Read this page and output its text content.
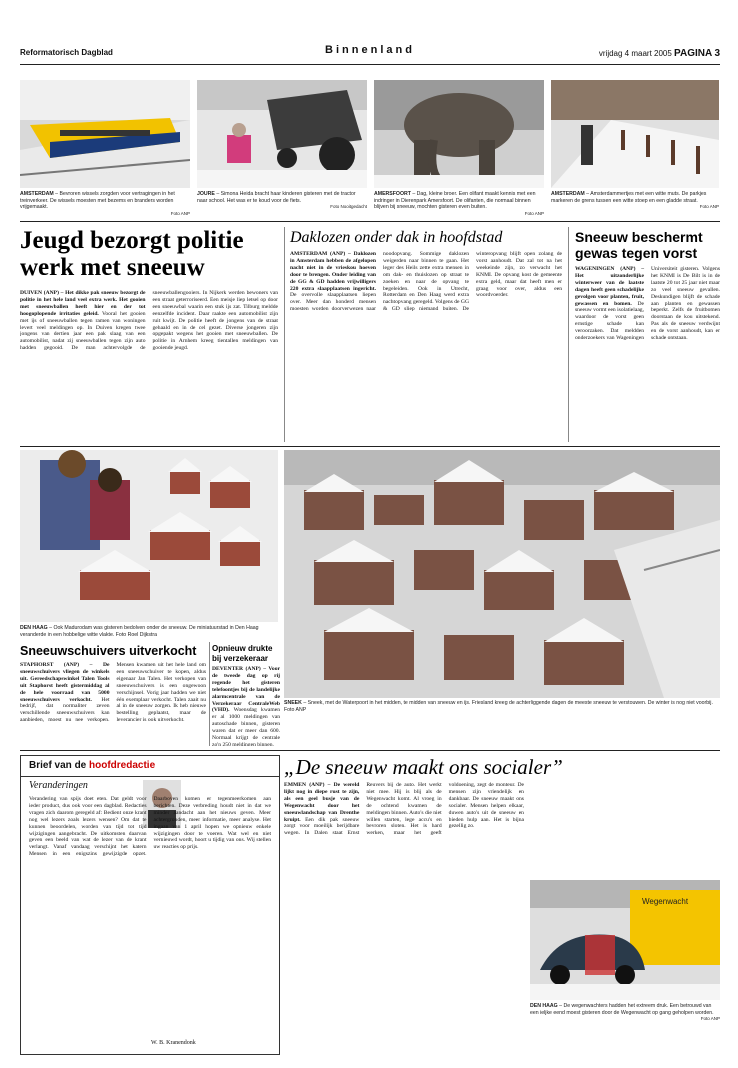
Reformatorisch Dagblad	Binnenland	vrijdag 4 maart 2005 PAGINA 3
AMSTERDAM – Bevroren wissels zorgden voor vertragingen in het treinverkeer. De wissels moesten met bezems en branders worden vrijgemaakt.
Foto ANP
JOURE – Simona Heida bracht haar kinderen gisteren met de tractor naar school. Het was er te koud voor de fiets.
Foto Nooitgedacht
AMERSFOORT – Dag, kleine broer. Een olifant maakt kennis met een indringer in Dierenpark Amersfoort. De olifanten, die normaal binnen blijven bij sneeuw, mochten gisteren even buiten.
Foto ANP
AMSTERDAM – Amsterdammertjes met een witte muts. De parkjes markeren de grens tussen een witte stoep en een gladde straat.
Foto ANP
Jeugd bezorgt politie werk met sneeuw
DUIVEN (ANP) – Het dikke pak sneeuw bezorgt de politie in het hele land veel extra werk. Het gooien met sneeuwballen heeft hier en der tot hoogoplopende irritaties geleid. Vooral het gooien met ijs of sneeuwballen tegen ramen van woningen levert veel meldingen op. In Duiven kregen twee jongens van dertien jaar een pak slaag van een automobilist, nadat zij sneeuwballen tegen zijn auto hadden gegooid. De man achtervolgde de sneeuwballengooiers. In Nijkerk werden bewoners van een straat geterroriseerd. Een meisje liep letsel op door een sneeuwbal waarin een stuk ijs zat. Tilburg meldde eenzelfde incident. Daar raakte een automobilist zijn ruit kwijt. De politie heeft de jongens van de straat gehaald en in de cel gezet. Diverse jongeren zijn opgepakt wegens het gooien met sneeuwballen. De politie in Arnhem kreeg tientallen meldingen van gooiende jeugd.
Daklozen onder dak in hoofdstad
AMSTERDAM (ANP) – Daklozen in Amsterdam hebben de afgelopen nacht niet in de vrieskou hoeven door te brengen. Onder leiding van de GG & GD hadden vrijwilligers 220 extra slaapplaatsen ingericht. De overvolle slaapplaatsen liepen over. Meer dan honderd mensen moesten worden doorverwezen naar noodopvang. Sommige daklozen weigerden naar binnen te gaan. Het leger des Heils zette extra mensen in om dak- en thuislozen op straat te zoeken en naar de opvang te begeleiden. Ook in Utrecht, Rotterdam en Den Haag werd extra nachtopvang geregeld. Volgens de GG & GD sliep niemand buiten. De winteropvang blijft open zolang de vorst aanhoudt. Dat zal tot na het weekeinde zijn, zo verwacht het KNMI. De opvang kost de gemeente extra geld, maar dat heeft men er graag voor over, aldus een woordvoerder.
Sneeuw beschermt gewas tegen vorst
WAGENINGEN (ANP) – Het uitzonderlijke winterweer van de laatste dagen heeft geen schadelijke gevolgen voor planten, fruit, gewassen en bomen. De sneeuw vormt een isolatielaag, waardoor de vorst geen ernstige schade kan veroorzaken. Dat meldden onderzoekers van Wageningen Universiteit gisteren. Volgens het KNMI is De Bilt is in de laatste 20 tot 25 jaar niet maar zo veel sneeuw gevallen. Deskundigen blijft de schade aan planten en gewassen beperkt. Zelfs de fruitbomen doorstaan de kou uitstekend. Pas als de sneeuw verdwijnt en de vorst aanhoudt, kan er schade ontstaan.
DEN HAAG – Ook Madurodam was gisteren bedolven onder de sneeuw. De miniatuurstad in Den Haag veranderde in een hobbelige witte vlakte. Foto Roel Dijkstra
SNEEK – Sneek, met de Waterpoort in het midden, te midden van sneeuw en ijs. Friesland kreeg de achterliggende dagen de meeste sneeuw te verstouwen. De winter is nog niet voorbij. Foto ANP
Sneeuwschuivers uitverkocht
STAPHORST (ANP) – De sneeuwschuivers vliegen de winkels uit. Gereedschapswinkel Talen Tools uit Staphorst heeft gistermiddag al de hele voorraad van 5000 sneeuwschuivers verkocht. Het bedrijf, dat normaliter zeven verschillende sneeuwschuivers kan aanbieden, moest nu nee verkopen. Mensen kwamen uit het hele land om een sneeuwschuiver te kopen, aldus eigenaar Jan Talen. Het verkopen van sneeuwschuivers is een ongewoon verschijnsel. Vorig jaar hadden we niet één exemplaar verkocht. Talen zaait nu al in de sneeuw zorgen. Ik heb nieuwe bestelling geplaatst, maar de leverancier is ook uitverkocht.
Opnieuw drukte bij verzekeraar
DEVENTER (ANP) – Voor de tweede dag op rij regende het gisteren telefoontjes bij de landelijke alarmcentrale van de Verzekeraar CentraleWeb (VHD). Woensdag kwamen er al 1000 meldingen van autoschade binnen, gisteren waren dat er meer dan 600. Normaal krijgt de centrale zo'n 250 meldingen binnen.
Brief van de hoofdredactie
Veranderingen
Verandering van spijs doet eten. Dat geldt voor ieder product, dus ook voor een dagblad. Redacties vragen zich daarom geregeld af: Bedient onze krant nog wel lezers zoals lezers wensen? Om dat te kunnen beoordelen, worden van tijd tot tijd wijzigingen aangebracht. De uitkomsten daarvan geven een beeld van wat de lezer van de krant verlangt. Vanaf vandaag verschijnt het katern Mensen in een enigszins gewijzigde opzet. Daarboven komen er tegenmeerkomen aan berichten. Deze verbreding houdt niet in dat we minder aandacht aan het nieuws geven. Meer achtergronden, meer informatie, meer analyse. Het ingaan van 1 april hopen we opnieuw enkele wijzigingen door te voeren. Wat wel en niet vernieuwd wordt, hoort u tijdig van ons. Wij stellen uw reacties op prijs.
W. B. Kranendonk
„De sneeuw maakt ons socialer”
EMMEN (ANP) – De wereld lijkt nog in diepe rust te zijn, als een geel busje van de Wegenwacht door het sneeuwlandschap van Drenthe kruipt. Een dik pak sneeuw zorgt voor moeilijk berijdbare wegen. In Dalen staat Ernst Reuvers bij de auto. Het werkt niet mee. Hij is blij als de Wegenwacht komt. Al vroeg in de ochtend kwamen de meldingen binnen. Auto's die niet willen starten, lege accu's en bevroren sloten. Het is hard werken, maar het geeft voldoening, zegt de monteur. De mensen zijn vriendelijk en dankbaar. De sneeuw maakt ons socialer. Mensen helpen elkaar, duwen auto's uit de sneeuw en bieden hulp aan. Het is bijna gezellig zo.
Wegenwacht
DEN HAAG – De wegenwachters hadden het extreem druk. Een betrouwd van een ieljke eend moest gisteren door de Wegenwacht op gang geholpen worden.
Foto ANP
